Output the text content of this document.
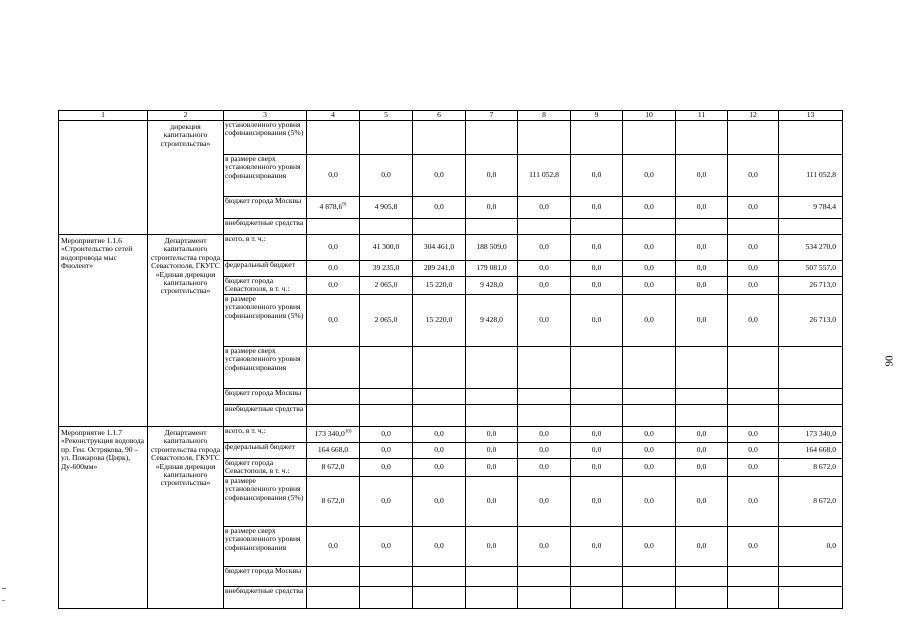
1	2	3	4	5	6	7	8	9	10	11	12	13
	дирекция капитального строительства»	установленного уровня софинансирования (5%)										
		в размере сверх установленного уровня софинансирования	0,0	0,0	0,0	0,0	111 052,8	0,0	0,0	0,0	0,0	111 052,8
		бюджет города Москвы	4 878,6$^{9)}$	4 905,8	0,0	0,0	0,0	0,0	0,0	0,0	0,0	9 784,4
		внебюджетные средства										
Мероприятие 1.1.6 «Строительство сетей водопровода мыс Фиолент»	Департамент капитального строительства города Севастополя, ГКУГС «Единая дирекция капитального строительства»	всего, в т. ч.:	0,0	41 300,0	304 461,0	188 509,0	0,0	0,0	0,0	0,0	0,0	534 270,0
		федеральный бюджет	0,0	39 235,0	289 241,0	179 081,0	0,0	0,0	0,0	0,0	0,0	507 557,0
		бюджет города Севастополя, в т. ч.:	0,0	2 065,0	15 220,0	9 428,0	0,0	0,0	0,0	0,0	0,0	26 713,0
		в размере установленного уровня софинансирования (5%)	0,0	2 065,0	15 220,0	9 428,0	0,0	0,0	0,0	0,0	0,0	26 713,0
		в размере сверх установленного уровня софинансирования										
		бюджет города Москвы										
		внебюджетные средства										
Мероприятие 1.1.7 «Реконструкция водовода пр. Ген. Острякова, 90 – ул. Пожарова (Цирк), Ду-600мм»	Департамент капитального строительства города Севастополя, ГКУГС «Единая дирекция капитального строительства»	всего, в т. ч.:	173 340,0$^{10)}$	0,0	0,0	0,0	0,0	0,0	0,0	0,0	0,0	173 340,0
		федеральный бюджет	164 668,0	0,0	0,0	0,0	0,0	0,0	0,0	0,0	0,0	164 668,0
		бюджет города Севастополя, в т. ч.:	8 672,0	0,0	0,0	0,0	0,0	0,0	0,0	0,0	0,0	8 672,0
		в размере установленного уровня софинансирования (5%)	8 672,0	0,0	0,0	0,0	0,0	0,0	0,0	0,0	0,0	8 672,0
		в размере сверх установленного уровня софинансирования	0,0	0,0	0,0	0,0	0,0	0,0	0,0	0,0	0,0	0,0
		бюджет города Москвы										
		внебюджетные средства										
90
